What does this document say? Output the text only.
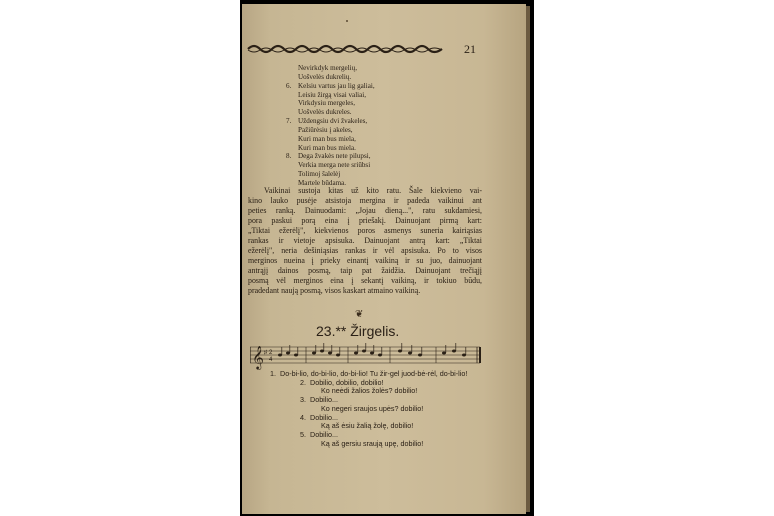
21
Nevirkdyk mergelių,
Uošvelės dukrelių.
6. Kelsiu vartus jau lig galiai,
Leisiu žirgą visai valiai,
Virkdysiu mergeles,
Uošvelės dukreles.
7. Uždengsiu dvi žvakeles,
Pažiūrėsiu į akeles,
Kuri man bus miela,
Kuri man bus miela.
8. Dega žvakės nete pilupsi,
Verkia merga nete sriūbsi
Tolimoj šalelėj
Martele būdama.
Vaikinai sustoja kitas už kito ratu. Šale kiekvieno vai-
kino lauko pusėje atsistoja mergina ir padeda vaikinui ant
peties ranką. Dainuodami: „Jojau dieną...", ratu sukdamiesi,
pora paskui porą eina į priešakį. Dainuojant pirmą kart:
„Tiktai ežerėlį", kiekvienos poros asmenys suneria kairiąsias
rankas ir vietoje apsisuka. Dainuojant antrą kart: „Tiktai
ežerėlį", neria dešiniąsias rankas ir vėl apsisuka. Po to visos
merginos nueina į prieky einantį vaikiną ir su juo, dainuojant
antrąjį dainos posmą, taip pat žaidžia. Dainuojant trečiąjį
posmą vėl merginos eina į sekantį vaikiną, ir tokiuo būdu,
pradedant naują posmą, visos kaskart atmaino vaikiną.
❦
23.** Žirgelis.
𝄞 ♯ 2
4
1. Do-bi-lio, do-bi-lio, do-bi-lio! Tu žir-gel juod-bė-rėl, do-bi-lio!
2. Dobilio, dobilio, dobilio!
Ko neėdi žalios žolės? dobilio!
3. Dobilio...
Ko negeri sraujos upės? dobilio!
4. Dobilio...
Ką aš ėsiu žalią žolę, dobilio!
5. Dobilio...
Ką aš gersiu sraują upę, dobilio!
